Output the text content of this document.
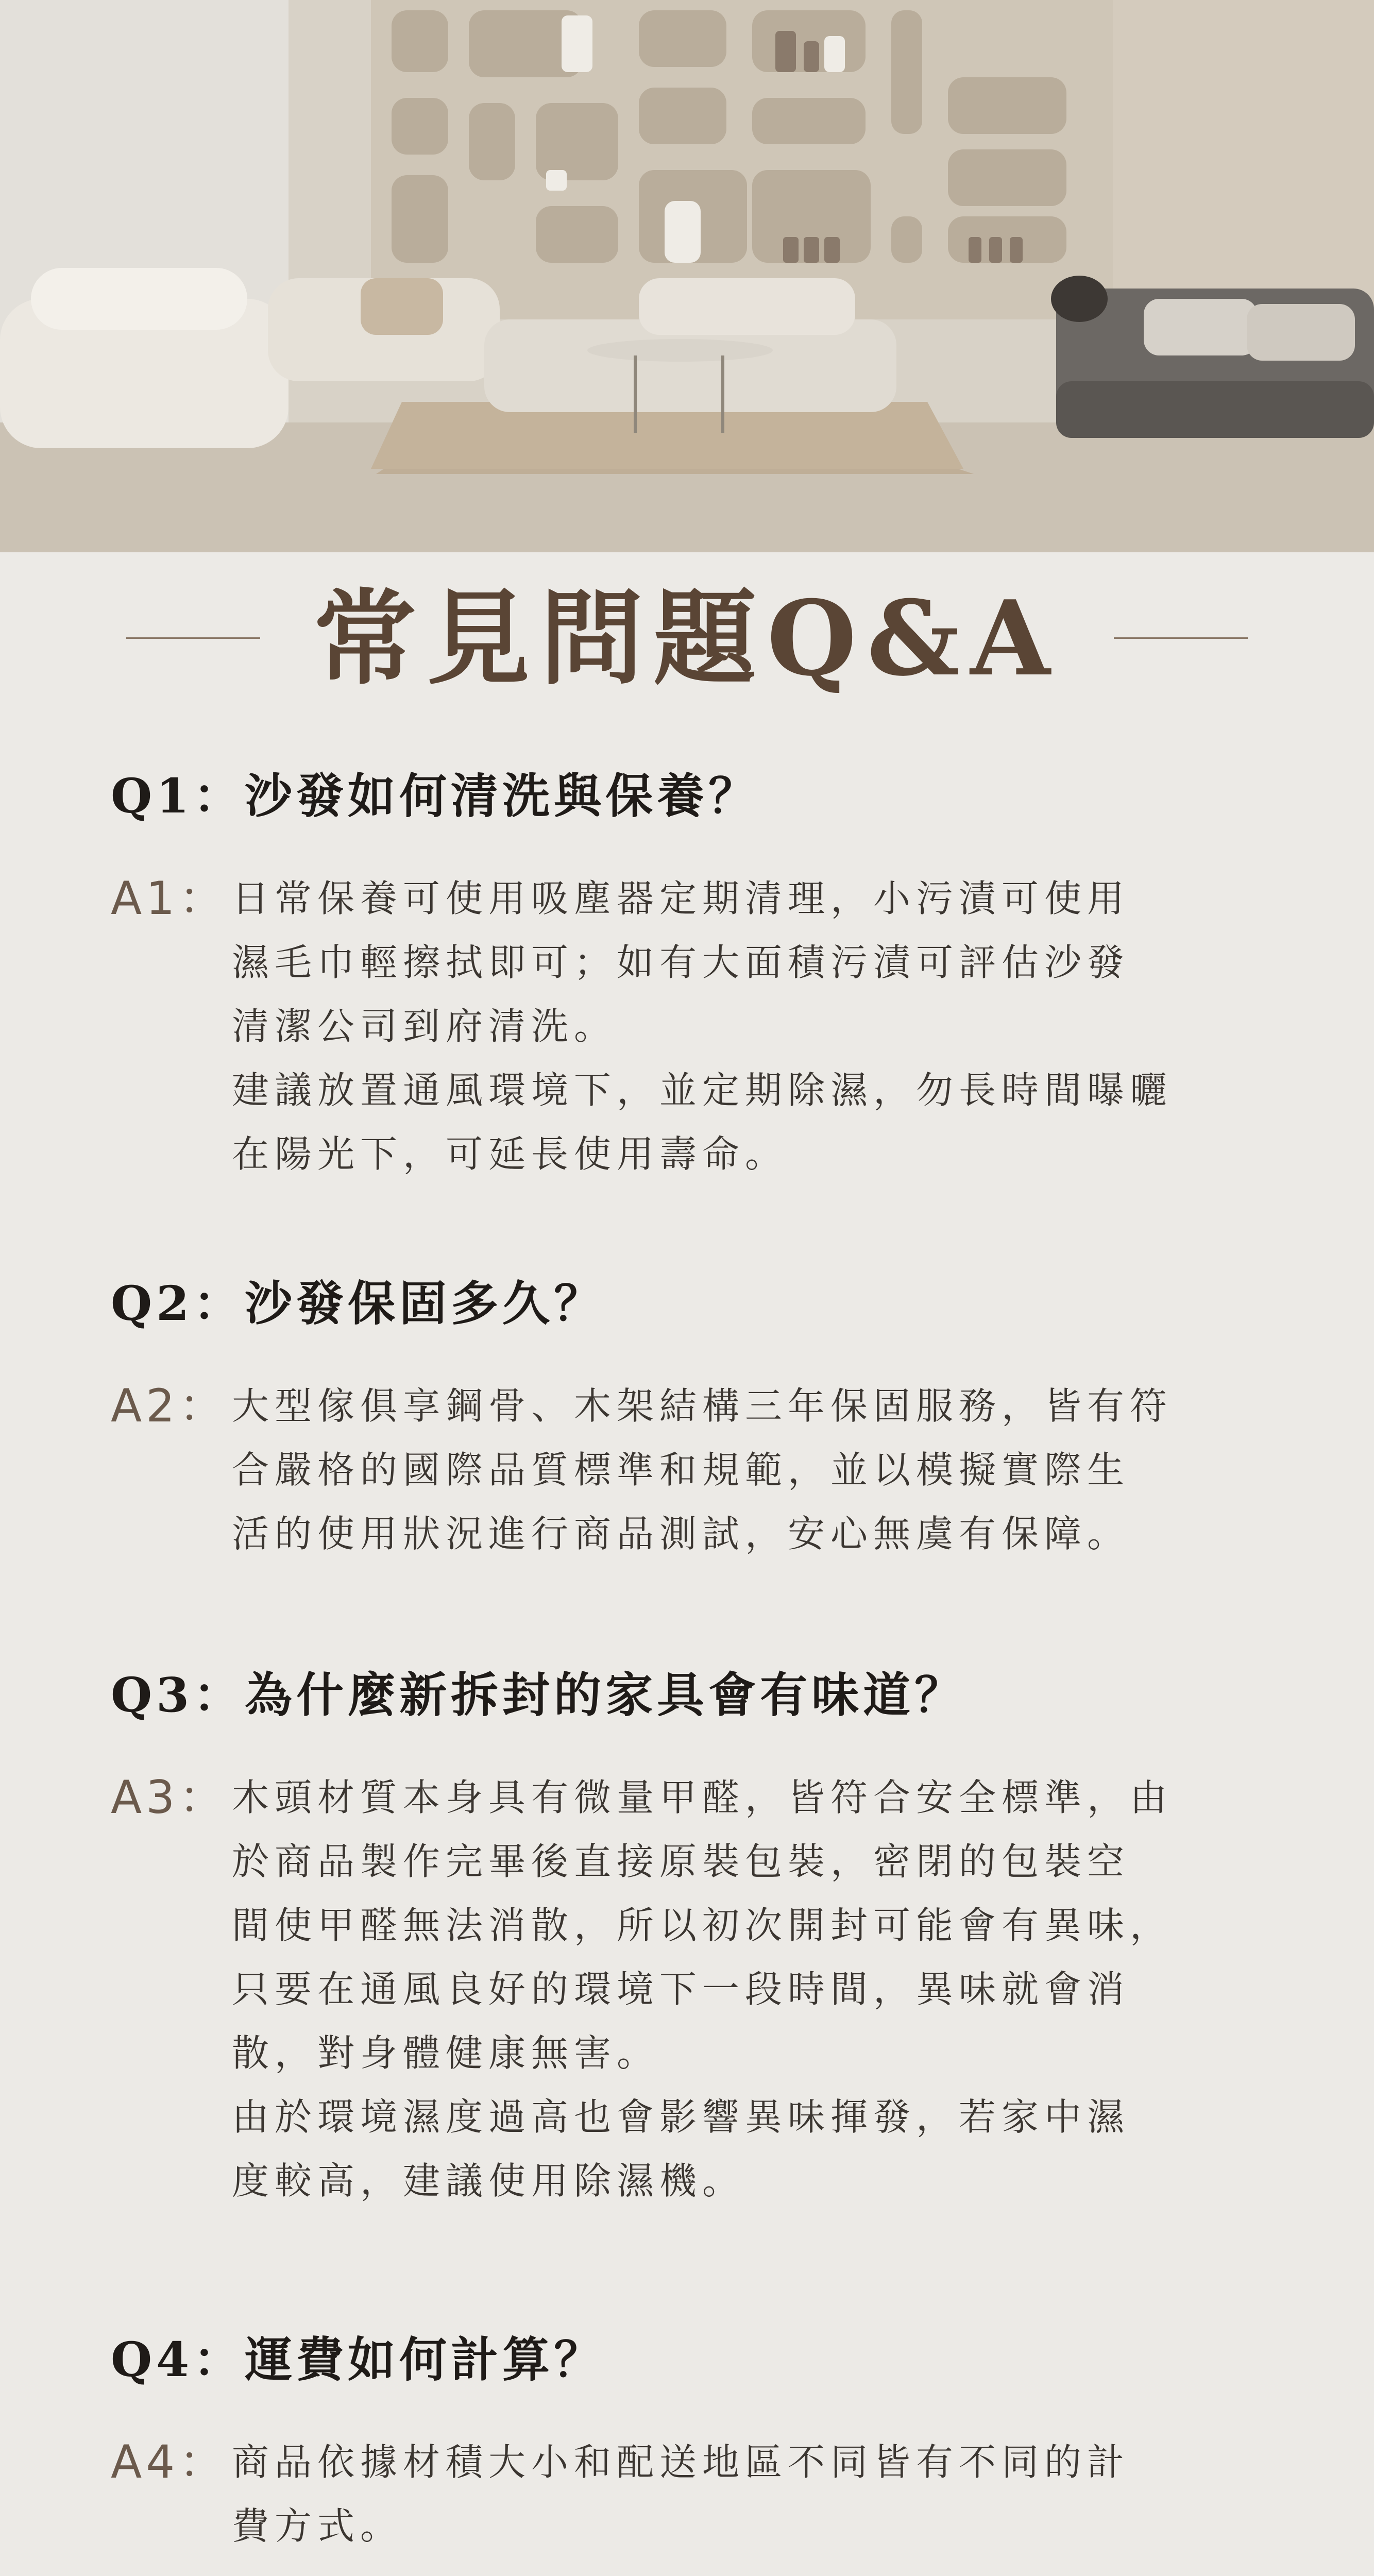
常見問題Q&A
Q1：沙發如何清洗與保養？
A1： 日常保養可使用吸塵器定期清理，小污漬可使用

濕毛巾輕擦拭即可；如有大面積污漬可評估沙發

清潔公司到府清洗。

建議放置通風環境下，並定期除濕，勿長時間曝曬

在陽光下，可延長使用壽命。

Q2：沙發保固多久？
A2： 大型傢俱享鋼骨、木架結構三年保固服務，皆有符

合嚴格的國際品質標準和規範，並以模擬實際生

活的使用狀況進行商品測試，安心無虞有保障。

Q3：為什麼新拆封的家具會有味道？
A3： 木頭材質本身具有微量甲醛，皆符合安全標準，由

於商品製作完畢後直接原裝包裝，密閉的包裝空

間使甲醛無法消散，所以初次開封可能會有異味，

只要在通風良好的環境下一段時間，異味就會消

散，對身體健康無害。

由於環境濕度過高也會影響異味揮發，若家中濕

度較高，建議使用除濕機。

Q4：運費如何計算？
A4： 商品依據材積大小和配送地區不同皆有不同的計

費方式。
